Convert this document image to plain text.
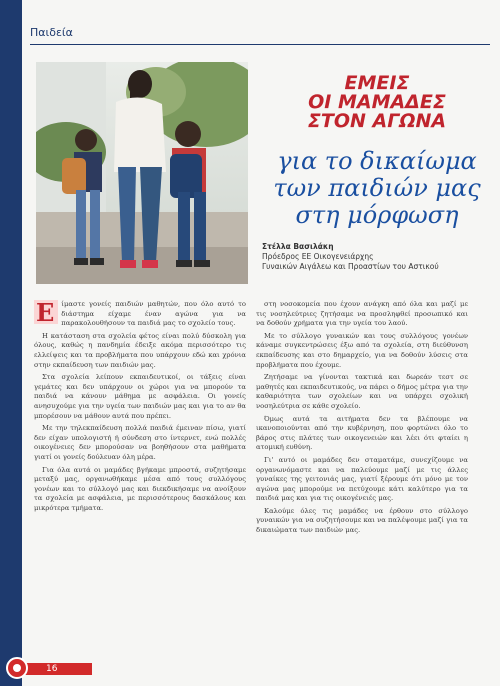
Παιδεία
ΕΜΕΙΣ
ΟΙ ΜΑΜΑΔΕΣ
ΣΤΟΝ ΑΓΩΝΑ
για το δικαίωμα
των παιδιών μας
στη μόρφωση
Στέλλα Βασιλάκη
Πρόεδρος ΕΕ Οικογενειάρχης
Γυναικών Αιγάλεω και Προαστίων του Αστικού

Ε	ίμαστε γονείς παιδιών μαθητών, που όλο αυτό το διάστημα είχαμε έναν αγώνα για να παρακολουθήσουν τα παιδιά μας το σχολείο τους.

Η κατάσταση στα σχολεία φέτος είναι πολύ δύσκολη για όλους, καθώς η πανδημία έδειξε ακόμα περισσότερο τις ελλείψεις και τα προβλήματα που υπάρχουν εδώ και χρόνια στην εκπαίδευση των παιδιών μας.

Στα σχολεία λείπουν εκπαιδευτικοί, οι τάξεις είναι γεμάτες και δεν υπάρχουν οι χώροι για να μπορούν τα παιδιά να κάνουν μάθημα με ασφάλεια. Οι γονείς ανησυχούμε για την υγεία των παιδιών μας και για το αν θα μπορέσουν να μάθουν αυτά που πρέπει.

Με την τηλεκπαίδευση πολλά παιδιά έμειναν πίσω, γιατί δεν είχαν υπολογιστή ή σύνδεση στο ίντερνετ, ενώ πολλές οικογένειες δεν μπορούσαν να βοηθήσουν στα μαθήματα γιατί οι γονείς δούλευαν όλη μέρα.

Για όλα αυτά οι μαμάδες βγήκαμε μπροστά, συζητήσαμε μεταξύ μας, οργανωθήκαμε μέσα από τους συλλόγους γονέων και το σύλλογό μας και διεκδικήσαμε να ανοίξουν τα σχολεία με ασφάλεια, με περισσότερους δασκάλους και μικρότερα τμήματα.

στη νοσοκομεία που έχουν ανάγκη από όλα και μαζί με τις νοσηλεύτριες ζητήσαμε να προσληφθεί προσωπικό και να δοθούν χρήματα για την υγεία του λαού.

Με το σύλλογο γυναικών και τους συλλόγους γονέων κάναμε συγκεντρώσεις έξω από τα σχολεία, στη διεύθυνση εκπαίδευσης και στο δημαρχείο, για να δοθούν λύσεις στα προβλήματα που έχουμε.

Ζητήσαμε να γίνονται τακτικά και δωρεάν τεστ σε μαθητές και εκπαιδευτικούς, να πάρει ο δήμος μέτρα για την καθαριότητα των σχολείων και να υπάρχει σχολική νοσηλεύτρια σε κάθε σχολείο.

Όμως αυτά τα αιτήματα δεν τα βλέπουμε να ικανοποιούνται από την κυβέρνηση, που φορτώνει όλο το βάρος στις πλάτες των οικογενειών και λέει ότι φταίει η ατομική ευθύνη.

Γι' αυτό οι μαμάδες δεν σταματάμε, συνεχίζουμε να οργανωνόμαστε και να παλεύουμε μαζί με τις άλλες γυναίκες της γειτονιάς μας, γιατί ξέρουμε ότι μόνο με τον αγώνα μας μπορούμε να πετύχουμε κάτι καλύτερο για τα παιδιά μας και για τις οικογένειές μας.

Καλούμε όλες τις μαμάδες να έρθουν στο σύλλογο γυναικών για να συζητήσουμε και να παλέψουμε μαζί για τα δικαιώματα των παιδιών μας.

16
